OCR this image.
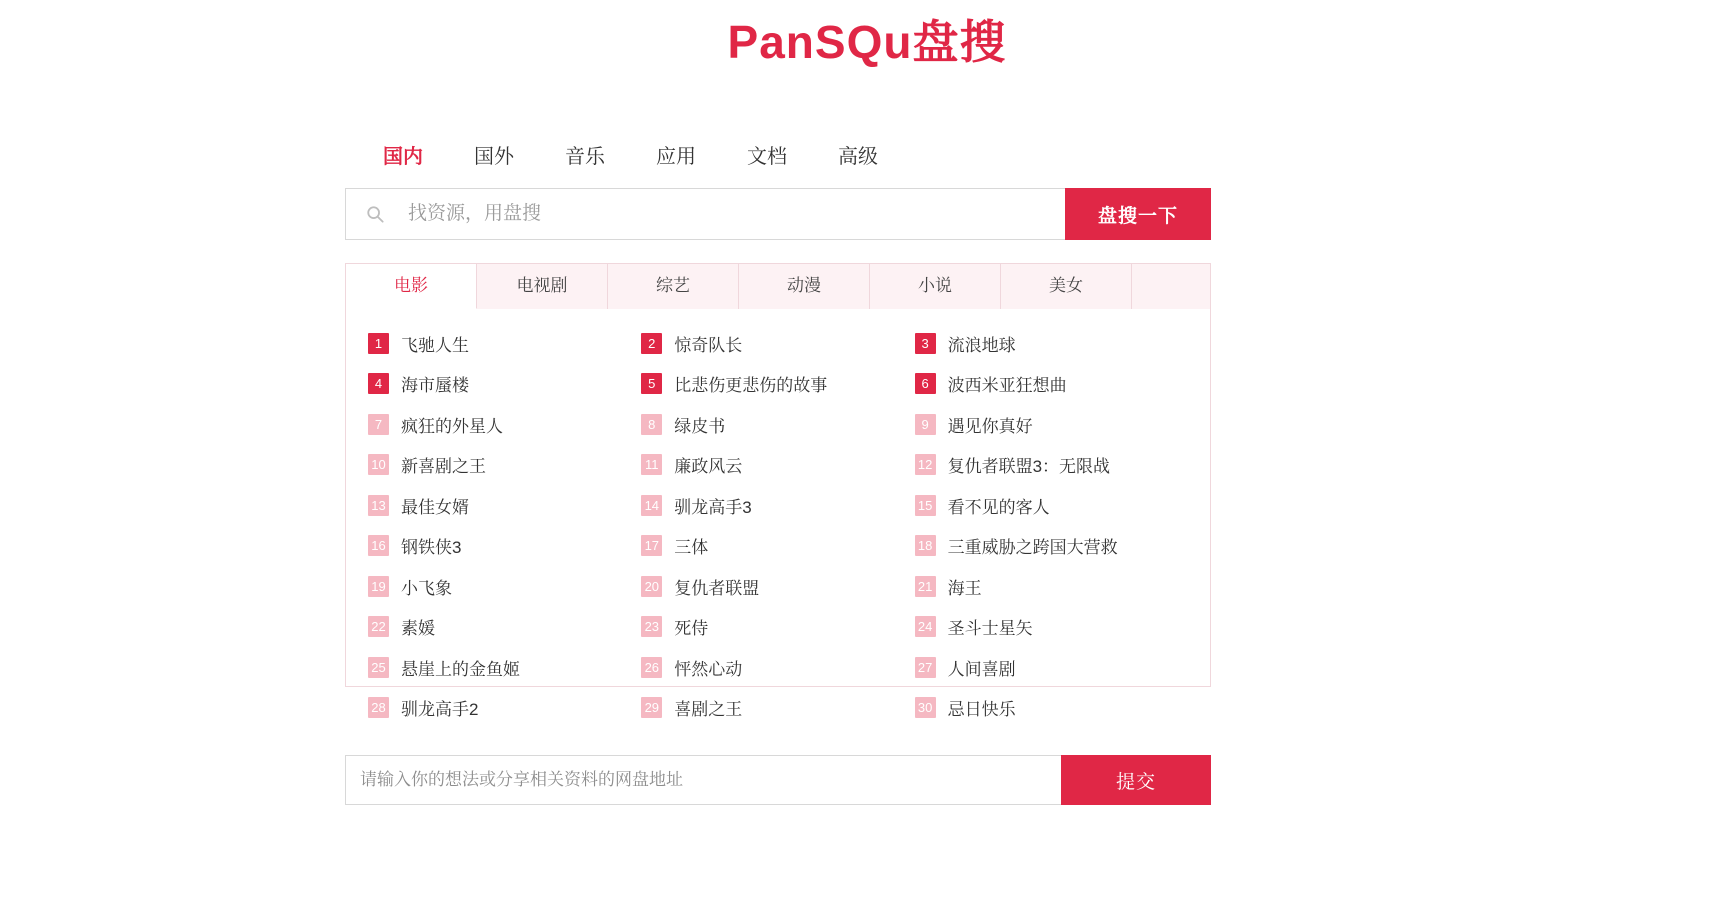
PanSQu盘搜
国内	国外	音乐	应用	文档	高级
找资源，用盘搜
盘搜一下
电影	电视剧	综艺	动漫	小说	美女
1	飞驰人生	2	惊奇队长	3	流浪地球
4	海市蜃楼	5	比悲伤更悲伤的故事	6	波西米亚狂想曲
7	疯狂的外星人	8	绿皮书	9	遇见你真好
10 新喜剧之王	11 廉政风云	12 复仇者联盟3：无限战
13 最佳女婿	14 驯龙高手3	15 看不见的客人
16 钢铁侠3	17 三体	18 三重威胁之跨国大营救
19 小飞象	20 复仇者联盟	21 海王
22 素媛	23 死侍	24 圣斗士星矢
25 悬崖上的金鱼姬	26 怦然心动	27 人间喜剧
28 驯龙高手2	29 喜剧之王	30 忌日快乐
请输入你的想法或分享相关资料的网盘地址
提交
